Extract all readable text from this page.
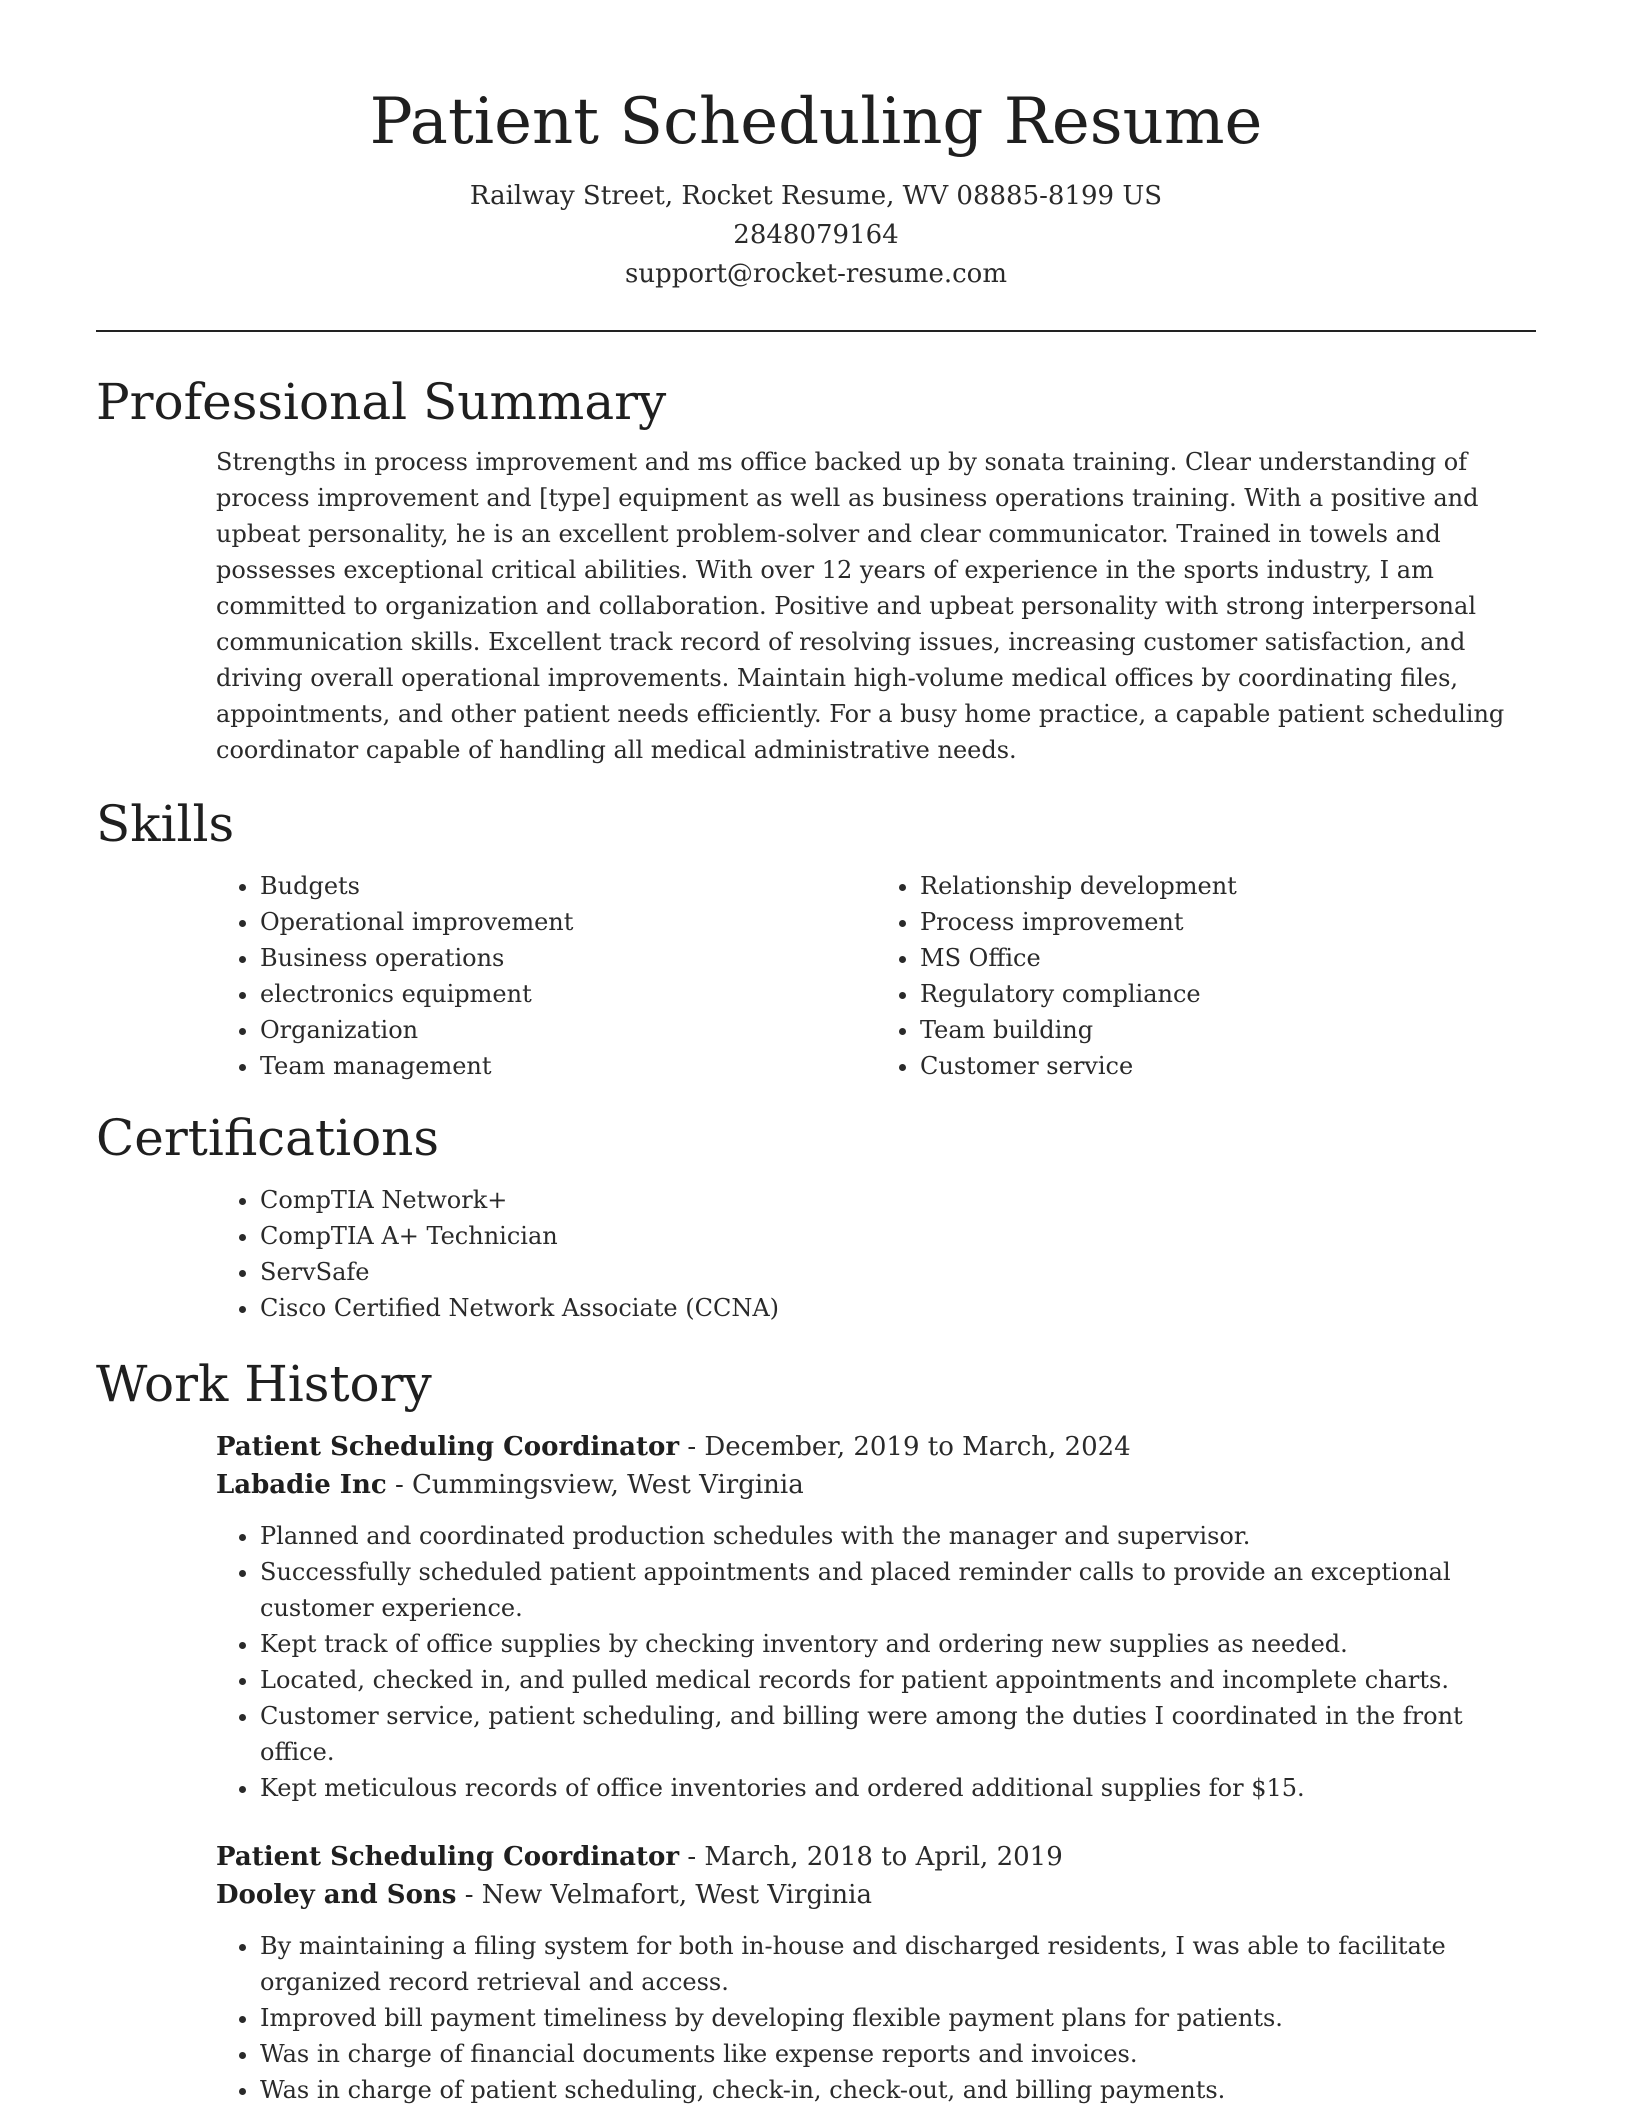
Patient Scheduling Resume
Railway Street, Rocket Resume, WV 08885-8199 US
2848079164
support@rocket-resume.com
Professional Summary

Strengths in process improvement and ms office backed up by sonata training. Clear understanding of process improvement and [type] equipment as well as business operations training. With a positive and upbeat personality, he is an excellent problem-solver and clear communicator. Trained in towels and possesses exceptional critical abilities. With over 12 years of experience in the sports industry, I am committed to organization and collaboration. Positive and upbeat personality with strong interpersonal communication skills. Excellent track record of resolving issues, increasing customer satisfaction, and driving overall operational improvements. Maintain high-volume medical offices by coordinating files, appointments, and other patient needs efficiently. For a busy home practice, a capable patient scheduling coordinator capable of handling all medical administrative needs.

Skills
• Budgets
• Operational improvement
• Business operations
• electronics equipment
• Organization
• Team management
• Relationship development
• Process improvement
• MS Office
• Regulatory compliance
• Team building
• Customer service
Certifications
• CompTIA Network+
• CompTIA A+ Technician
• ServSafe
• Cisco Certified Network Associate (CCNA)
Work History
Patient Scheduling Coordinator - December, 2019 to March, 2024
Labadie Inc - Cummingsview, West Virginia
• Planned and coordinated production schedules with the manager and supervisor.
• Successfully scheduled patient appointments and placed reminder calls to provide an exceptional customer experience.
• Kept track of office supplies by checking inventory and ordering new supplies as needed.
• Located, checked in, and pulled medical records for patient appointments and incomplete charts.
• Customer service, patient scheduling, and billing were among the duties I coordinated in the front office.
• Kept meticulous records of office inventories and ordered additional supplies for $15.
Patient Scheduling Coordinator - March, 2018 to April, 2019
Dooley and Sons - New Velmafort, West Virginia
• By maintaining a filing system for both in-house and discharged residents, I was able to facilitate organized record retrieval and access.
• Improved bill payment timeliness by developing flexible payment plans for patients.
• Was in charge of financial documents like expense reports and invoices.
• Was in charge of patient scheduling, check-in, check-out, and billing payments.
